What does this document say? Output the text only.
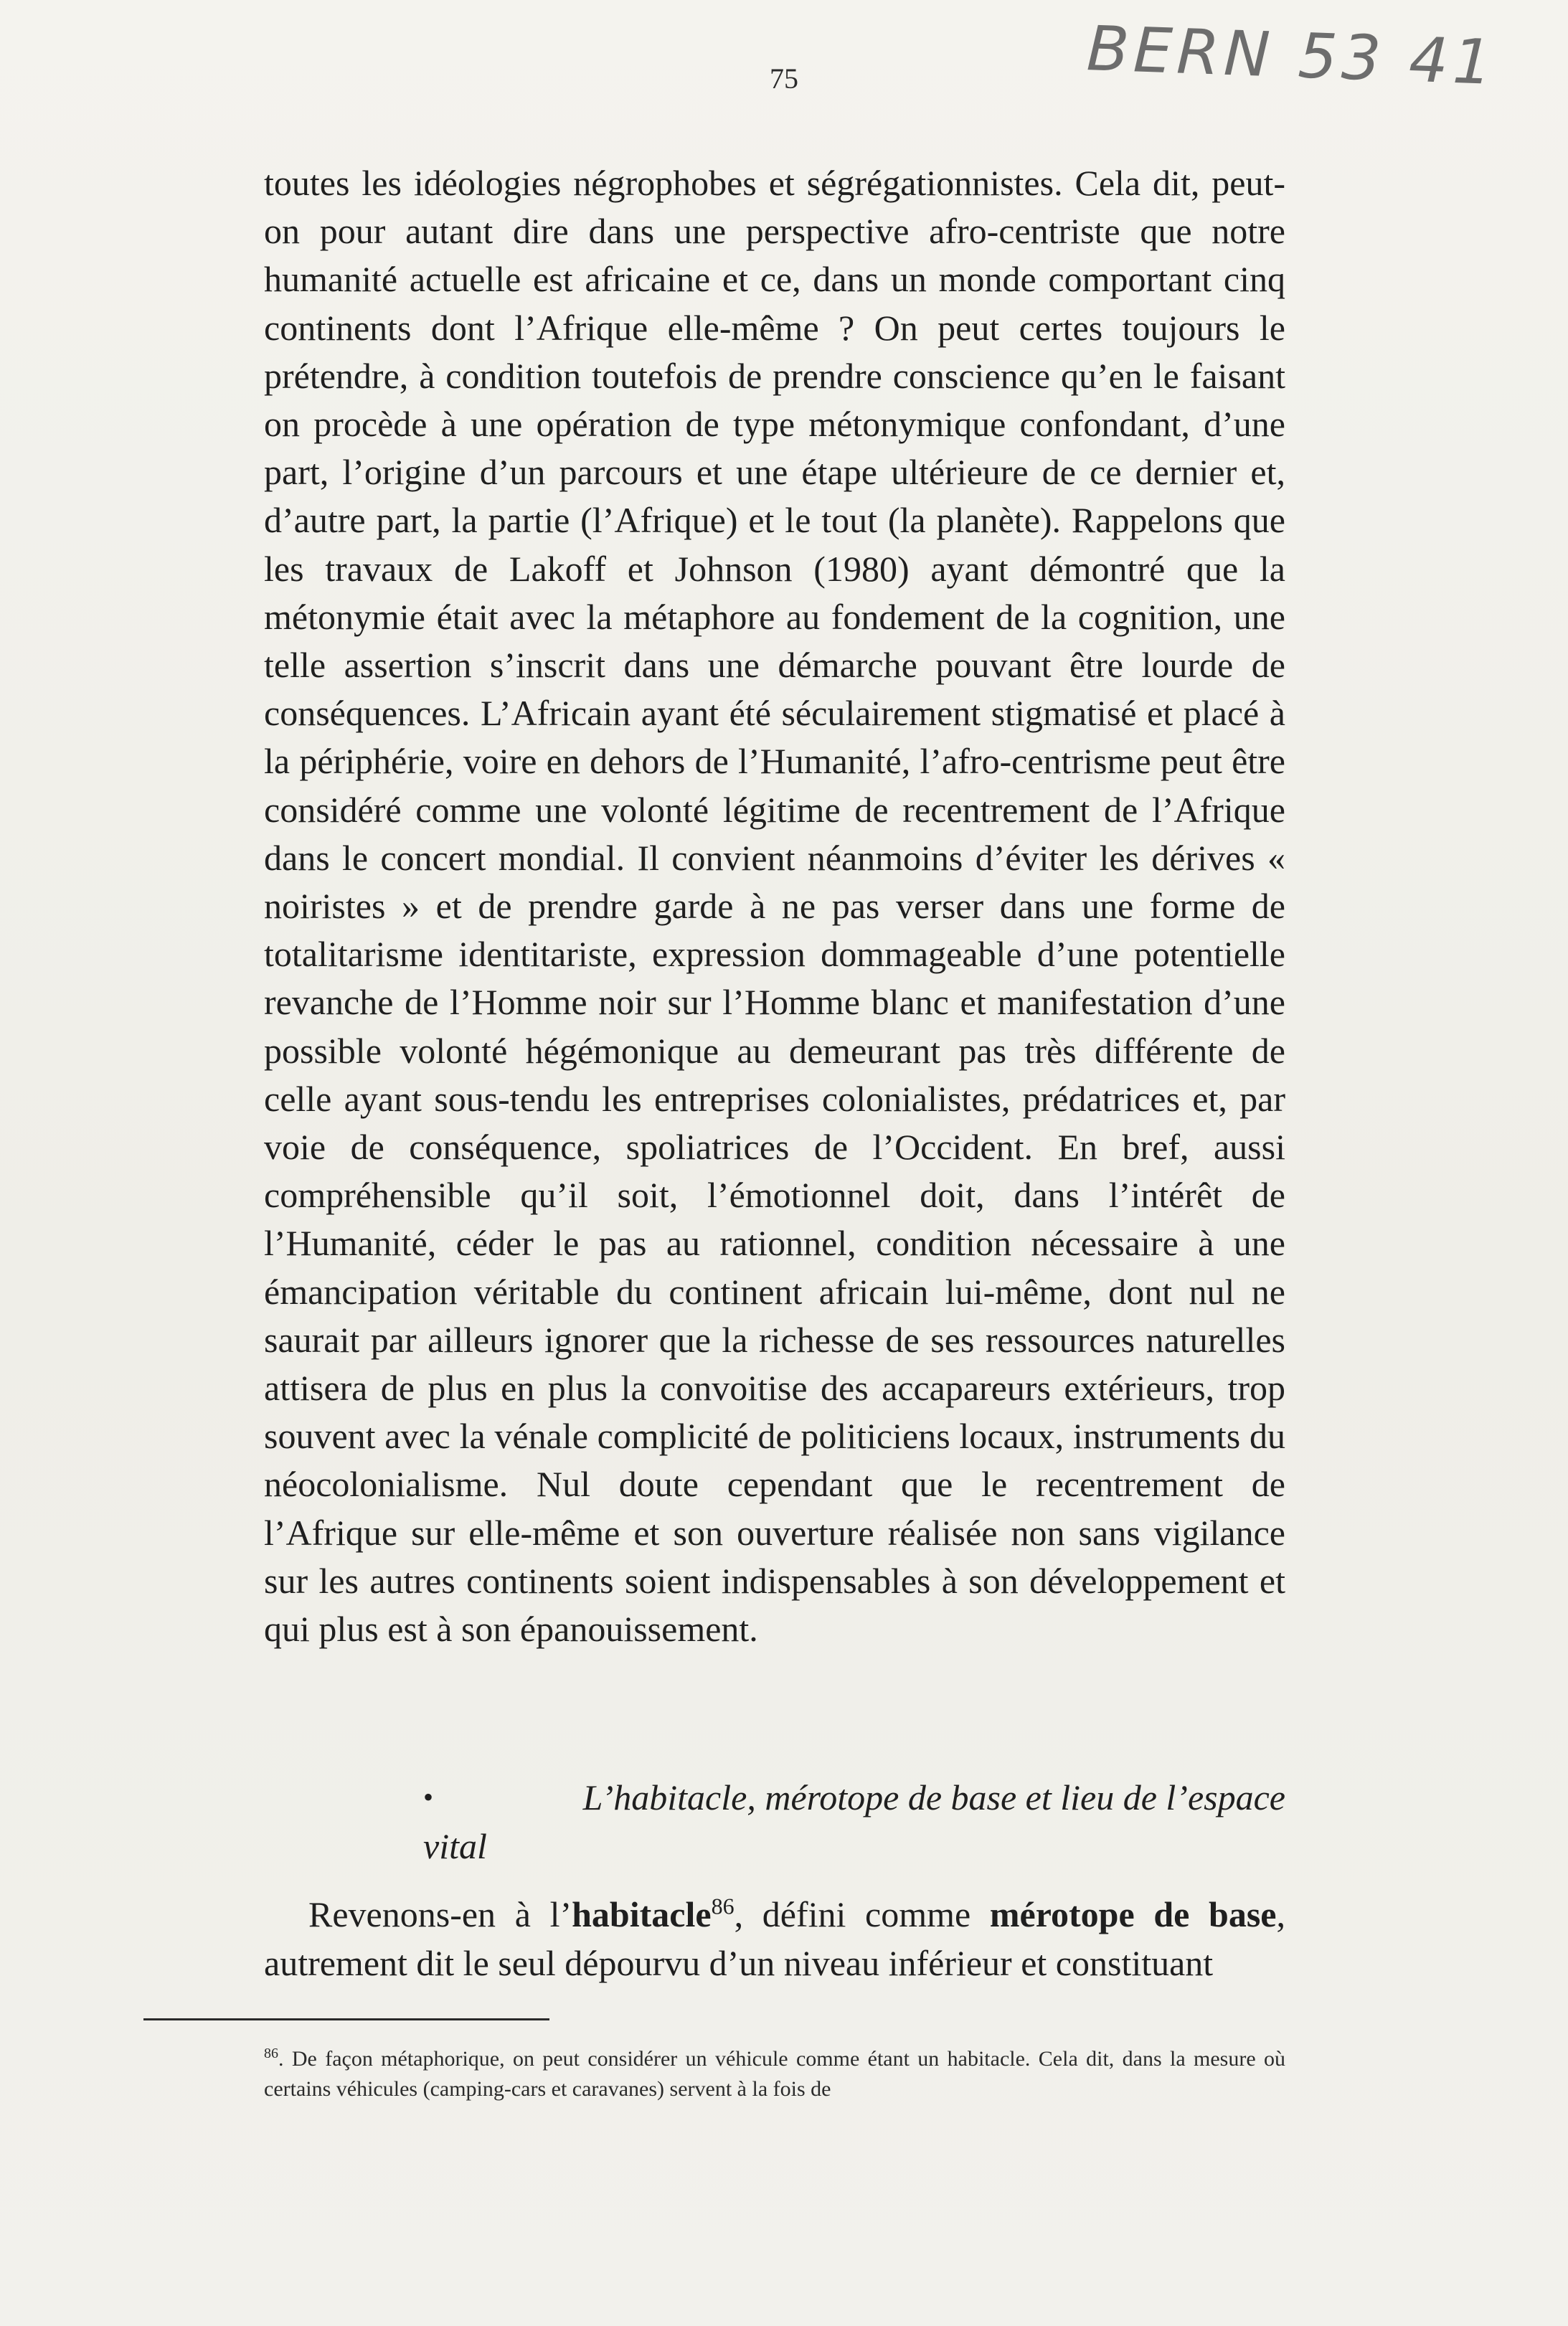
BERN 53 41
75

toutes les idéologies négrophobes et ségrégationnistes. Cela dit, peut-on pour autant dire dans une perspective afro-centriste que notre humanité actuelle est africaine et ce, dans un monde comportant cinq continents dont l’Afrique elle-même ? On peut certes toujours le prétendre, à condition toutefois de prendre conscience qu’en le faisant on procède à une opération de type métonymique confondant, d’une part, l’origine d’un parcours et une étape ultérieure de ce dernier et, d’autre part, la partie (l’Afrique) et le tout (la planète). Rappelons que les travaux de Lakoff et Johnson (1980) ayant démontré que la métonymie était avec la métaphore au fondement de la cognition, une telle assertion s’inscrit dans une démarche pouvant être lourde de conséquences. L’Africain ayant été séculairement stigmatisé et placé à la périphérie, voire en dehors de l’Humanité, l’afro-centrisme peut être considéré comme une volonté légitime de recentrement de l’Afrique dans le concert mondial. Il convient néanmoins d’éviter les dérives « noiristes » et de prendre garde à ne pas verser dans une forme de totalitarisme identitariste, expression dommageable d’une potentielle revanche de l’Homme noir sur l’Homme blanc et manifestation d’une possible volonté hégémonique au demeurant pas très différente de celle ayant sous-tendu les entreprises colonialistes, prédatrices et, par voie de conséquence, spoliatrices de l’Occident. En bref, aussi compréhensible qu’il soit, l’émotionnel doit, dans l’intérêt de l’Humanité, céder le pas au rationnel, condition nécessaire à une émancipation véritable du continent africain lui-même, dont nul ne saurait par ailleurs ignorer que la richesse de ses ressources naturelles attisera de plus en plus la convoitise des accapareurs extérieurs, trop souvent avec la vénale complicité de politiciens locaux, instruments du néocolonialisme. Nul doute cependant que le recentrement de l’Afrique sur elle-même et son ouverture réalisée non sans vigilance sur les autres continents soient indispensables à son développement et qui plus est à son épanouissement.

•	L’habitacle, mérotope de base et lieu de l’espace
vital

Revenons-en à l’habitacle$^{86}$, défini comme mérotope de base, autrement dit le seul dépourvu d’un niveau inférieur et constituant

$^{86}$. De façon métaphorique, on peut considérer un véhicule comme étant un habitacle. Cela dit, dans la mesure où certains véhicules (camping-cars et caravanes) servent à la fois de
